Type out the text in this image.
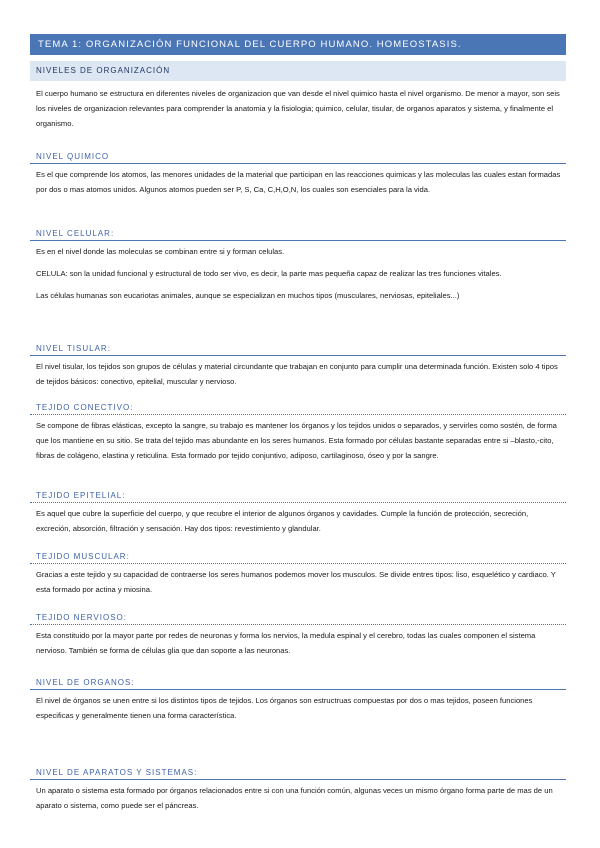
TEMA 1: ORGANIZACIÓN FUNCIONAL DEL CUERPO HUMANO. HOMEOSTASIS.
NIVELES DE ORGANIZACIÓN

El cuerpo humano se estructura en diferentes niveles de organizacion que van desde el nivel quimico hasta el nivel organismo. De menor a mayor, son seis los niveles de organizacion relevantes para comprender la anatomia y la fisiologia; quimico, celular, tisular, de organos aparatos y sistema, y finalmente el organismo.

NIVEL QUIMICO

Es el que comprende los atomos, las menores unidades de la material que participan en las reacciones quimicas y las moleculas las cuales estan formadas por dos o mas atomos unidos. Algunos atomos pueden ser P, S, Ca, C,H,O,N, los cuales son esenciales para la vida.

NIVEL CELULAR:

Es en el nivel donde las moleculas se combinan entre si y forman celulas.

CELULA: son la unidad funcional y estructural de todo ser vivo, es decir, la parte mas pequeña capaz de realizar las tres funciones vitales.

Las células humanas son eucariotas animales, aunque se especializan en muchos tipos (musculares, nerviosas, epiteliales...)

NIVEL TISULAR:

El nivel tisular, los tejidos son grupos de células y material circundante que trabajan en conjunto para cumplir una determinada función. Existen solo 4 tipos de tejidos básicos: conectivo, epitelial, muscular y nervioso.

TEJIDO CONECTIVO:

Se compone de fibras elásticas, excepto la sangre, su trabajo es mantener los órganos y los tejidos unidos o separados, y servirles como sostén, de forma que los mantiene en su sitio. Se trata del tejido mas abundante en los seres humanos. Esta formado por células bastante separadas entre si –blasto,-cito, fibras de colágeno, elastina y reticulina. Esta formado por tejido conjuntivo, adiposo, cartilaginoso, óseo y por la sangre.

TEJIDO EPITELIAL:

Es aquel que cubre la superficie del cuerpo, y que recubre el interior de algunos órganos y cavidades. Cumple la función de protección, secreción, excreción, absorción, filtración y sensación. Hay dos tipos: revestimiento y glandular.

TEJIDO MUSCULAR:

Gracias a este tejido y su capacidad de contraerse los seres humanos podemos mover los musculos. Se divide entres tipos: liso, esquelético y cardiaco. Y esta formado por actina y miosina.

TEJIDO NERVIOSO:

Esta constituido por la mayor parte por redes de neuronas y forma los nervios, la medula espinal y el cerebro, todas las cuales componen el sistema nervioso. También se forma de células glia que dan soporte a las neuronas.

NIVEL DE ORGANOS:

El nivel de órganos se unen entre si los distintos tipos de tejidos. Los órganos son estructruas compuestas por dos o mas tejidos, poseen funciones especificas y generalmente tienen una forma característica.

NIVEL DE APARATOS Y SISTEMAS:

Un aparato o sistema esta formado por órganos relacionados entre si con una función común, algunas veces un mismo órgano forma parte de mas de un aparato o sistema, como puede ser el páncreas.
